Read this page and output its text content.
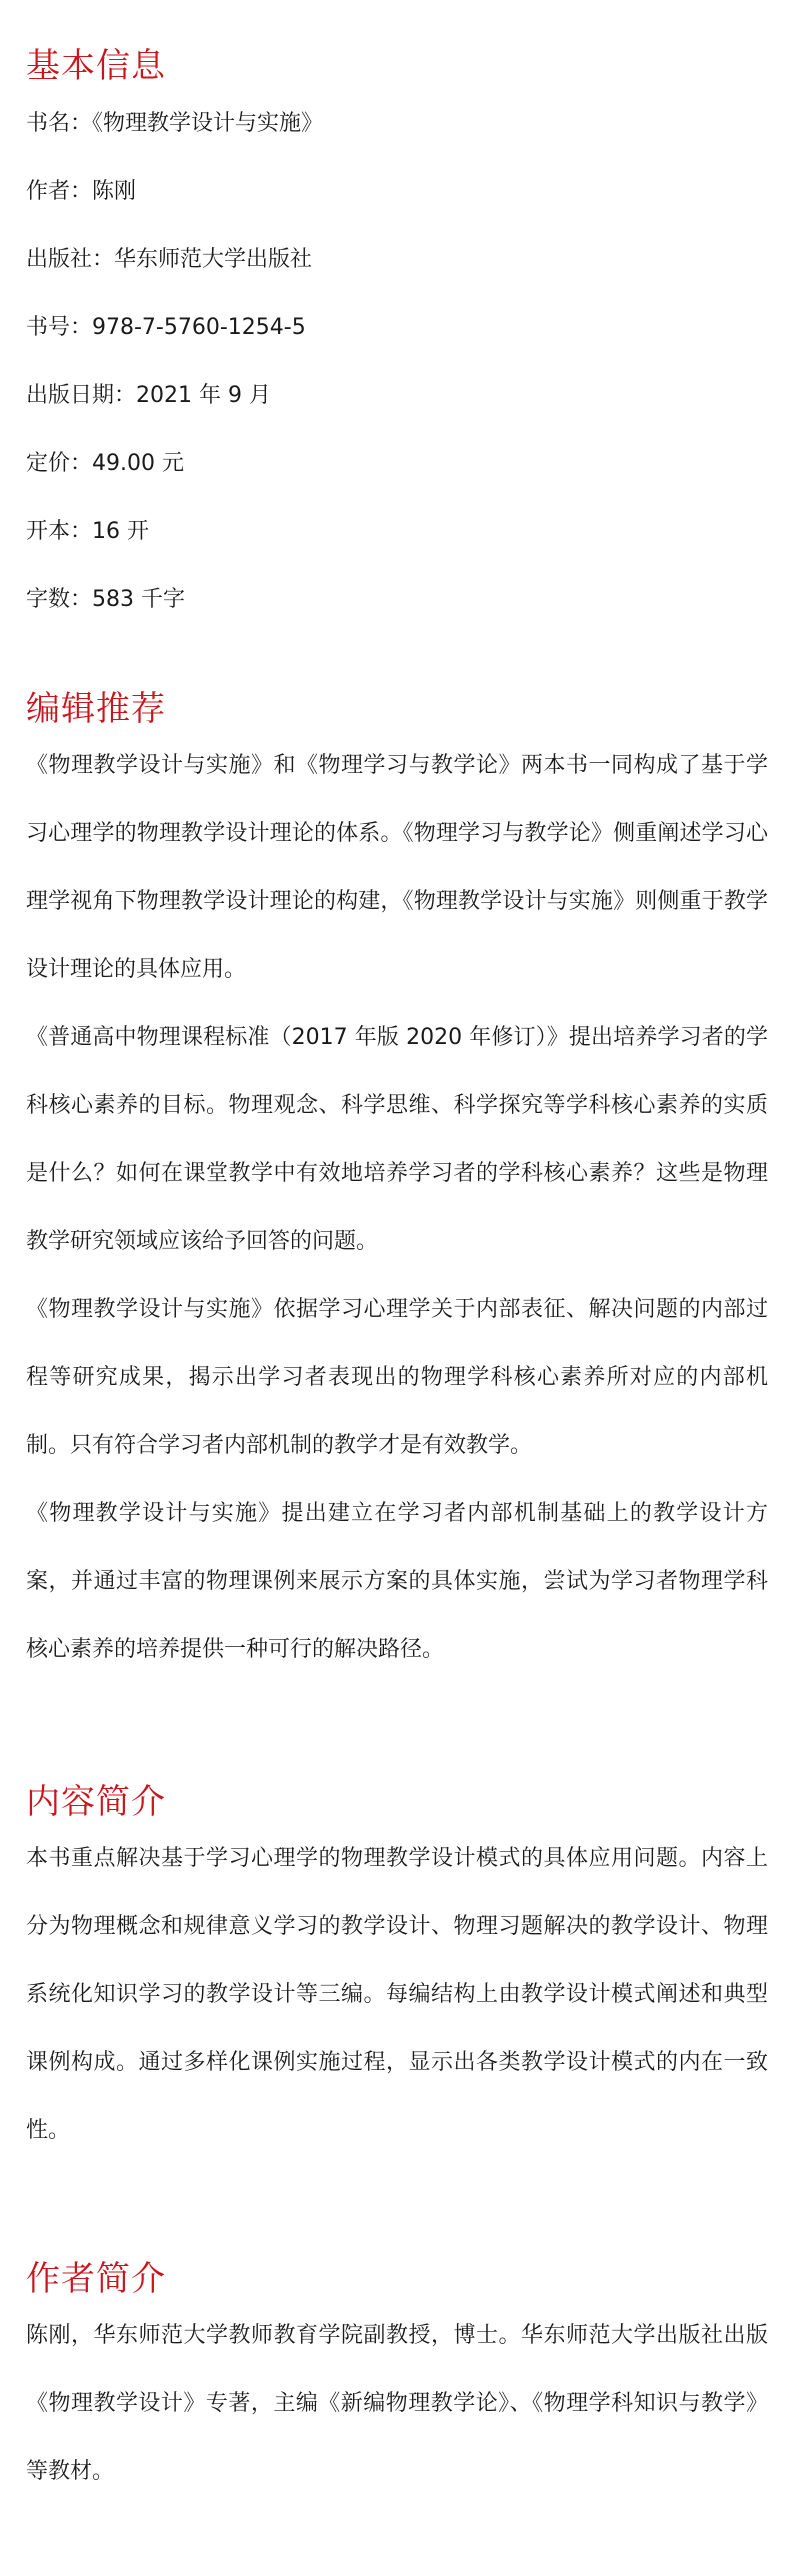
基本信息

书名：《物理教学设计与实施》

作者：陈刚

出版社：华东师范大学出版社

书号：978-7-5760-1254-5

出版日期：2021 年 9 月

定价：49.00 元

开本：16 开

字数：583 千字

编辑推荐

《物理教学设计与实施》和《物理学习与教学论》两本书一同构成了基于学习心理学的物理教学设计理论的体系。《物理学习与教学论》侧重阐述学习心理学视角下物理教学设计理论的构建，《物理教学设计与实施》则侧重于教学设计理论的具体应用。

《普通高中物理课程标准（2017 年版 2020 年修订）》提出培养学习者的学科核心素养的目标。物理观念、科学思维、科学探究等学科核心素养的实质是什么？如何在课堂教学中有效地培养学习者的学科核心素养？这些是物理教学研究领域应该给予回答的问题。

《物理教学设计与实施》依据学习心理学关于内部表征、解决问题的内部过程等研究成果，揭示出学习者表现出的物理学科核心素养所对应的内部机制。只有符合学习者内部机制的教学才是有效教学。

《物理教学设计与实施》提出建立在学习者内部机制基础上的教学设计方案，并通过丰富的物理课例来展示方案的具体实施，尝试为学习者物理学科核心素养的培养提供一种可行的解决路径。

内容简介

本书重点解决基于学习心理学的物理教学设计模式的具体应用问题。内容上分为物理概念和规律意义学习的教学设计、物理习题解决的教学设计、物理系统化知识学习的教学设计等三编。每编结构上由教学设计模式阐述和典型课例构成。通过多样化课例实施过程，显示出各类教学设计模式的内在一致性。

作者简介

陈刚，华东师范大学教师教育学院副教授，博士。华东师范大学出版社出版《物理教学设计》专著，主编《新编物理教学论》、《物理学科知识与教学》等教材。
